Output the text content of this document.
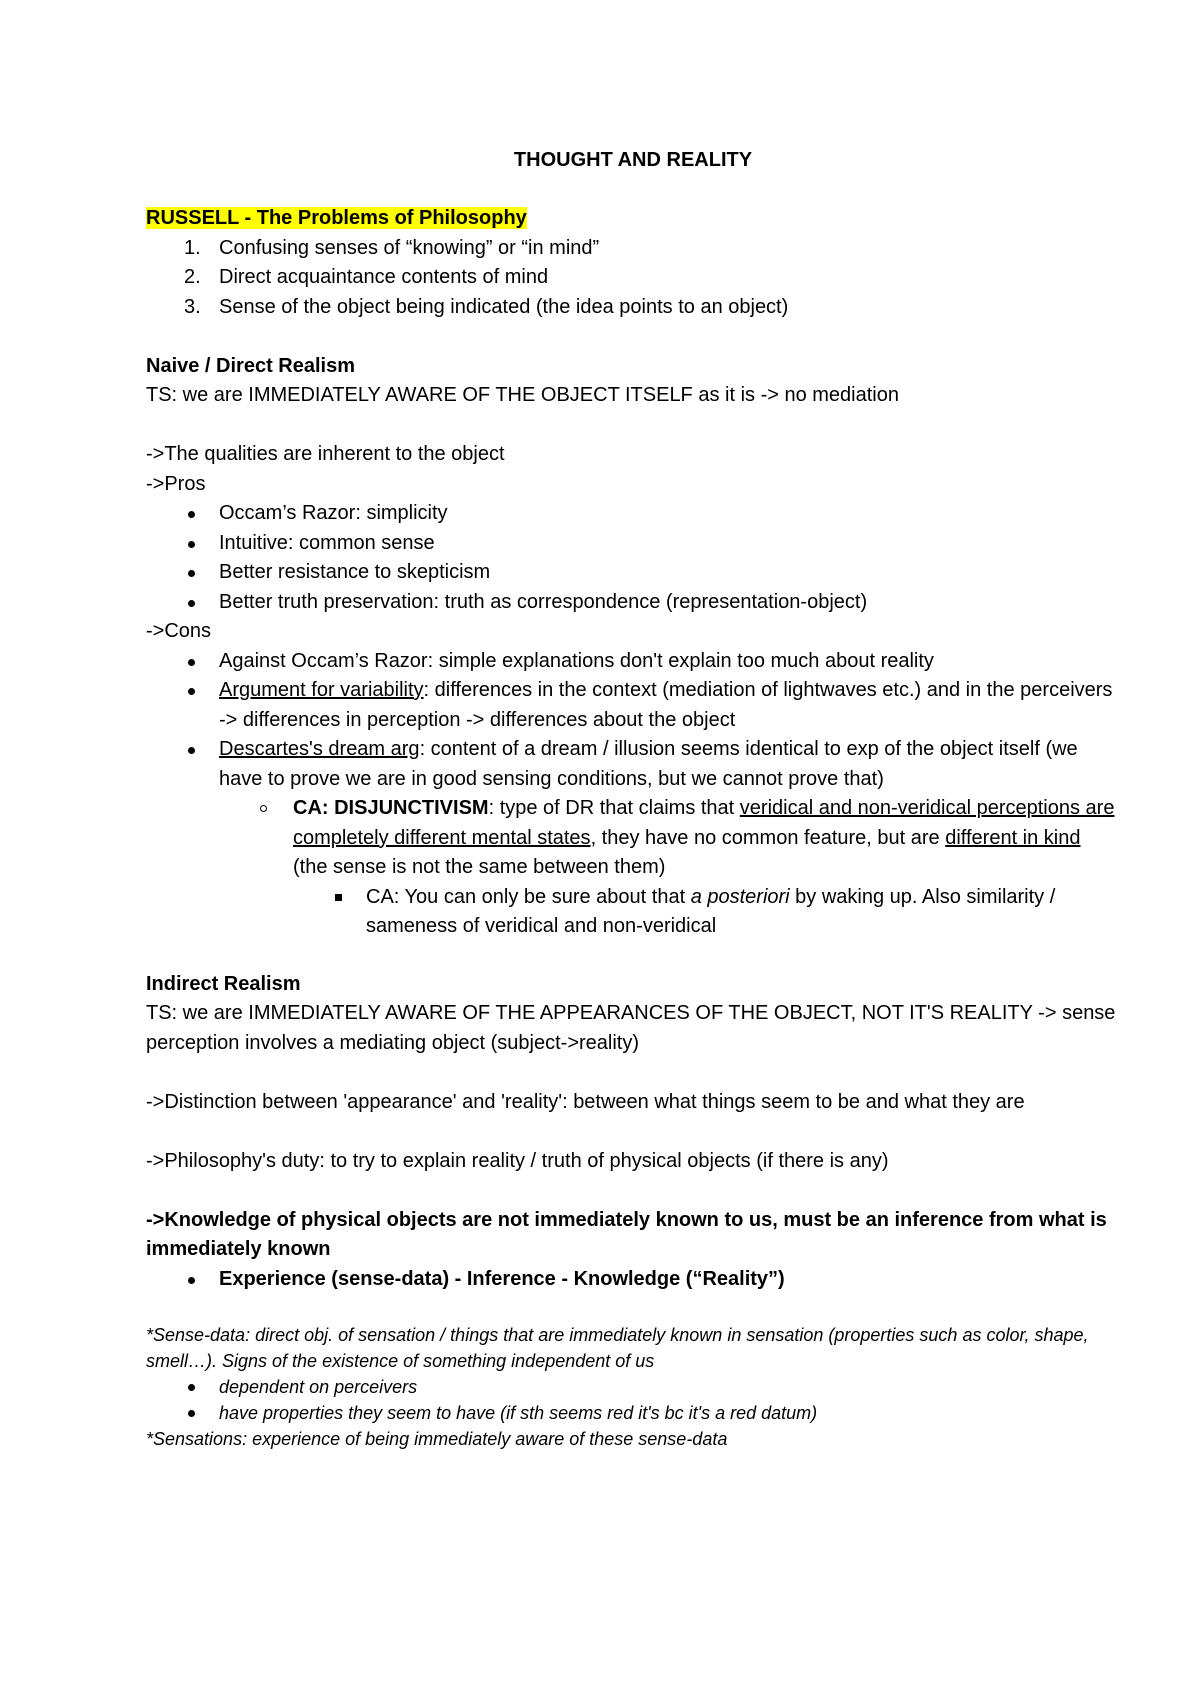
THOUGHT AND REALITY
RUSSELL - The Problems of Philosophy
1. Confusing senses of “knowing” or “in mind”
2. Direct acquaintance contents of mind
3. Sense of the object being indicated (the idea points to an object)
Naive / Direct Realism
TS: we are IMMEDIATELY AWARE OF THE OBJECT ITSELF as it is -> no mediation
->The qualities are inherent to the object
->Pros
Occam’s Razor: simplicity
Intuitive: common sense
Better resistance to skepticism
Better truth preservation: truth as correspondence (representation-object)
->Cons
Against Occam’s Razor: simple explanations don't explain too much about reality
Argument for variability: differences in the context (mediation of lightwaves etc.) and in the perceivers -> differences in perception -> differences about the object
Descartes's dream arg: content of a dream / illusion seems identical to exp of the object itself (we have to prove we are in good sensing conditions, but we cannot prove that)
CA: DISJUNCTIVISM: type of DR that claims that veridical and non-veridical perceptions are completely different mental states, they have no common feature, but are different in kind (the sense is not the same between them)
CA: You can only be sure about that a posteriori by waking up. Also similarity / sameness of veridical and non-veridical
Indirect Realism
TS: we are IMMEDIATELY AWARE OF THE APPEARANCES OF THE OBJECT, NOT IT'S REALITY -> sense perception involves a mediating object (subject->reality)
->Distinction between 'appearance' and 'reality': between what things seem to be and what they are
->Philosophy's duty: to try to explain reality / truth of physical objects (if there is any)
->Knowledge of physical objects are not immediately known to us, must be an inference from what is immediately known
Experience (sense-data) - Inference - Knowledge (“Reality”)
*Sense-data: direct obj. of sensation / things that are immediately known in sensation (properties such as color, shape, smell…). Signs of the existence of something independent of us
dependent on perceivers
have properties they seem to have (if sth seems red it's bc it's a red datum)
*Sensations: experience of being immediately aware of these sense-data
